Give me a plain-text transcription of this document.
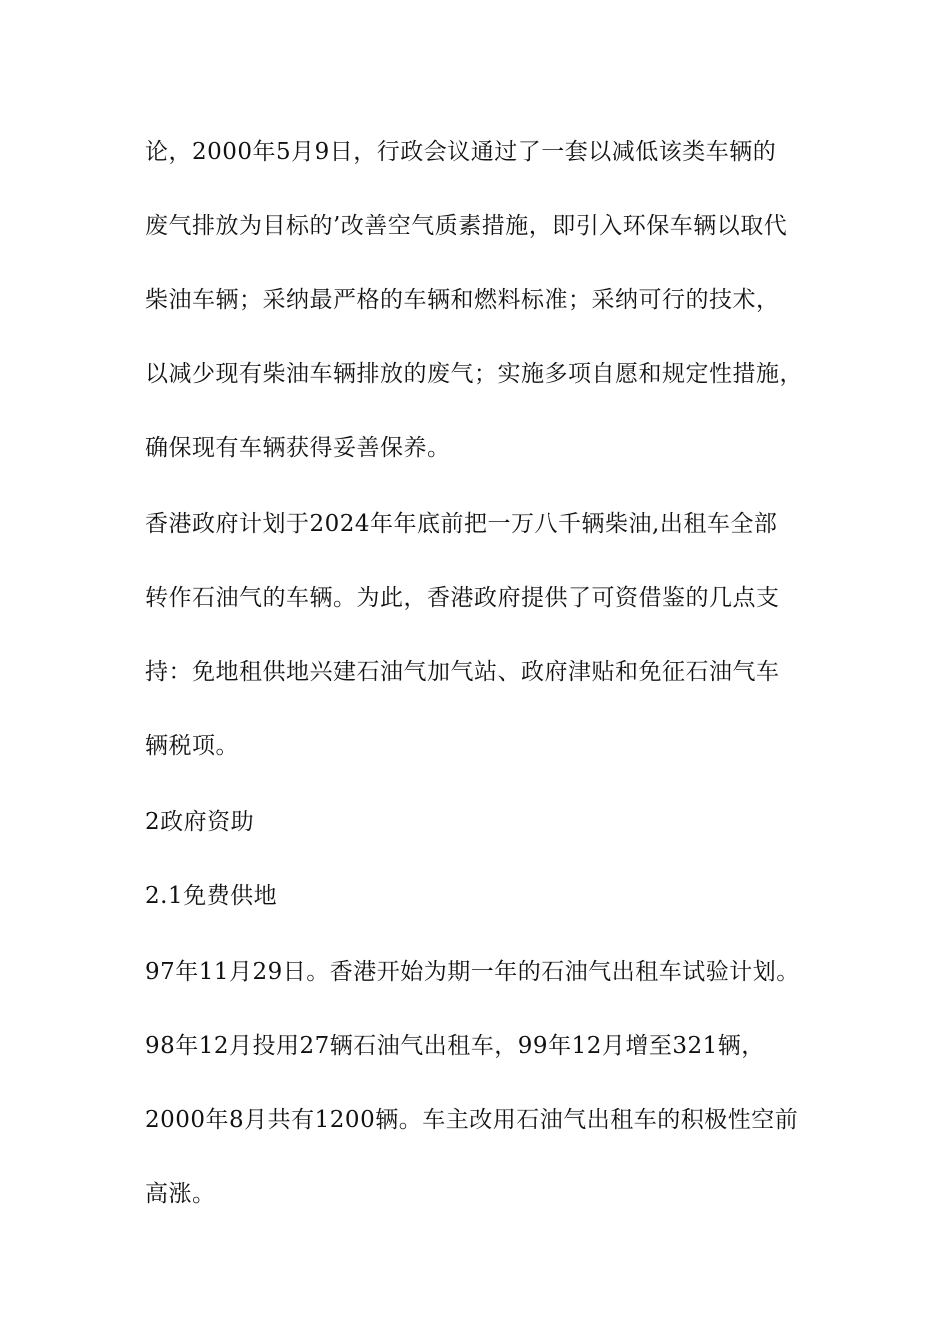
论，2000年5月9日，行政会议通过了一套以减低该类车辆的
废气排放为目标的’改善空气质素措施，即引入环保车辆以取代
柴油车辆；采纳最严格的车辆和燃料标准；采纳可行的技术，
以减少现有柴油车辆排放的废气；实施多项自愿和规定性措施，
确保现有车辆获得妥善保养。
香港政府计划于2024年年底前把一万八千辆柴油,出租车全部
转作石油气的车辆。为此，香港政府提供了可资借鉴的几点支
持：免地租供地兴建石油气加气站、政府津贴和免征石油气车
辆税项。
2政府资助
2.1免费供地
97年11月29日。香港开始为期一年的石油气出租车试验计划。
98年12月投用27辆石油气出租车，99年12月增至321辆，
2000年8月共有1200辆。车主改用石油气出租车的积极性空前
高涨。
